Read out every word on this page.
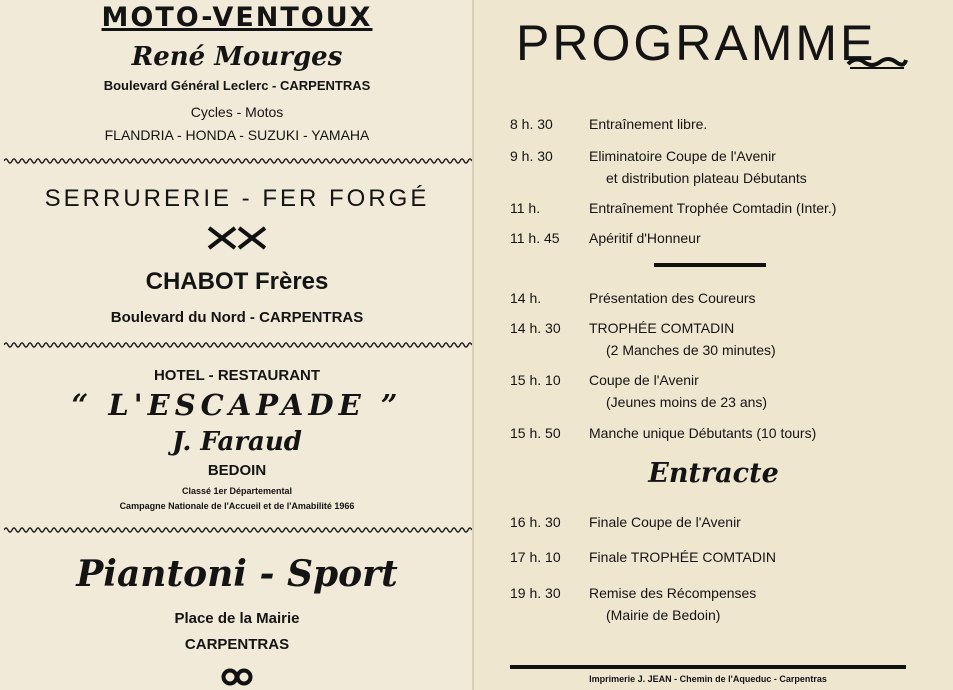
MOTO-VENTOUX
René Mourges
Boulevard Général Leclerc - CARPENTRAS
Cycles - Motos
FLANDRIA - HONDA - SUZUKI - YAMAHA
SERRURERIE - FER FORGÉ
CHABOT Frères
Boulevard du Nord - CARPENTRAS
HOTEL - RESTAURANT
“ L'ESCAPADE ”
J. Faraud
BEDOIN
Classé 1er Départemental
Campagne Nationale de l'Accueil et de l'Amabilité 1966
Piantoni - Sport
Place de la Mairie
CARPENTRAS
PROGRAMME
8 h. 30	Entraînement libre.
9 h. 30	Eliminatoire Coupe de l'Avenir
et distribution plateau Débutants
11 h.	Entraînement Trophée Comtadin (Inter.)
11 h. 45 Apéritif d'Honneur
14 h.	Présentation des Coureurs
14 h. 30 TROPHÉE COMTADIN
(2 Manches de 30 minutes)
15 h. 10 Coupe de l'Avenir
(Jeunes moins de 23 ans)
15 h. 50 Manche unique Débutants (10 tours)
Entracte
16 h. 30 Finale Coupe de l'Avenir
17 h. 10 Finale TROPHÉE COMTADIN
19 h. 30 Remise des Récompenses
(Mairie de Bedoin)
Imprimerie J. JEAN - Chemin de l'Aqueduc - Carpentras
